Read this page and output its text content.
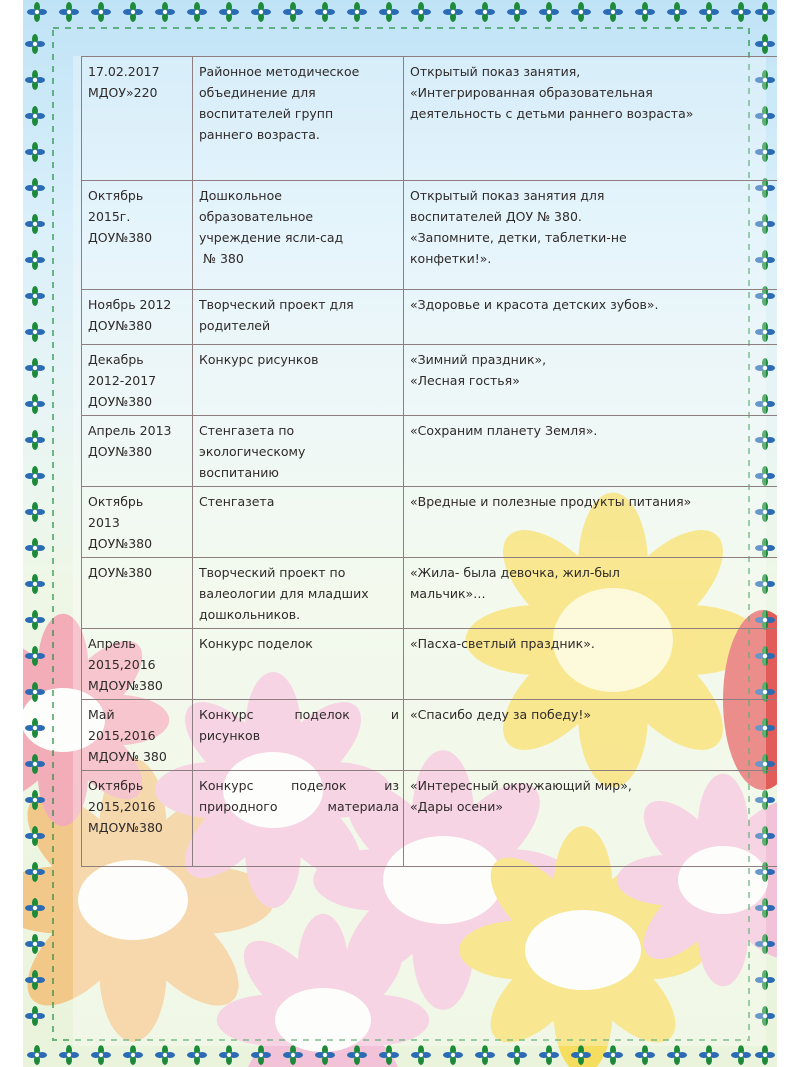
17.02.2017
МДОУ»220	Районное методическое
объединение для
воспитателей групп
раннего возраста.	Открытый показ занятия,
«Интегрированная образовательная
деятельность с детьми раннего возраста»

Октябрь
2015г.
ДОУ№380	Дошкольное
образовательное
учреждение ясли-сад
№ 380	Открытый показ занятия для
воспитателей ДОУ № 380.
«Запомните, детки, таблетки-не
конфетки!».

Ноябрь 2012
ДОУ№380	Творческий проект для
родителей	«Здоровье и красота детских зубов».

Декабрь
2012-2017
ДОУ№380	Конкурс рисунков	«Зимний праздник»,
«Лесная гостья»

Апрель 2013
ДОУ№380	Стенгазета по
экологическому
воспитанию	«Сохраним планету Земля».

Октябрь
2013
ДОУ№380	Стенгазета	«Вредные и полезные продукты питания»

ДОУ№380	Творческий проект по
валеологии для младших
дошкольников.	«Жила- была девочка, жил-был
мальчик»…

Апрель
2015,2016
МДОУ№380	Конкурс поделок	«Пасха-светлый праздник».

Май
2015,2016
МДОУ№ 380	Конкурс поделок и
рисунков	«Спасибо деду за победу!»

Октябрь
2015,2016
МДОУ№380	Конкурс поделок из
природного материала	«Интересный окружающий мир»,
«Дары осени»
